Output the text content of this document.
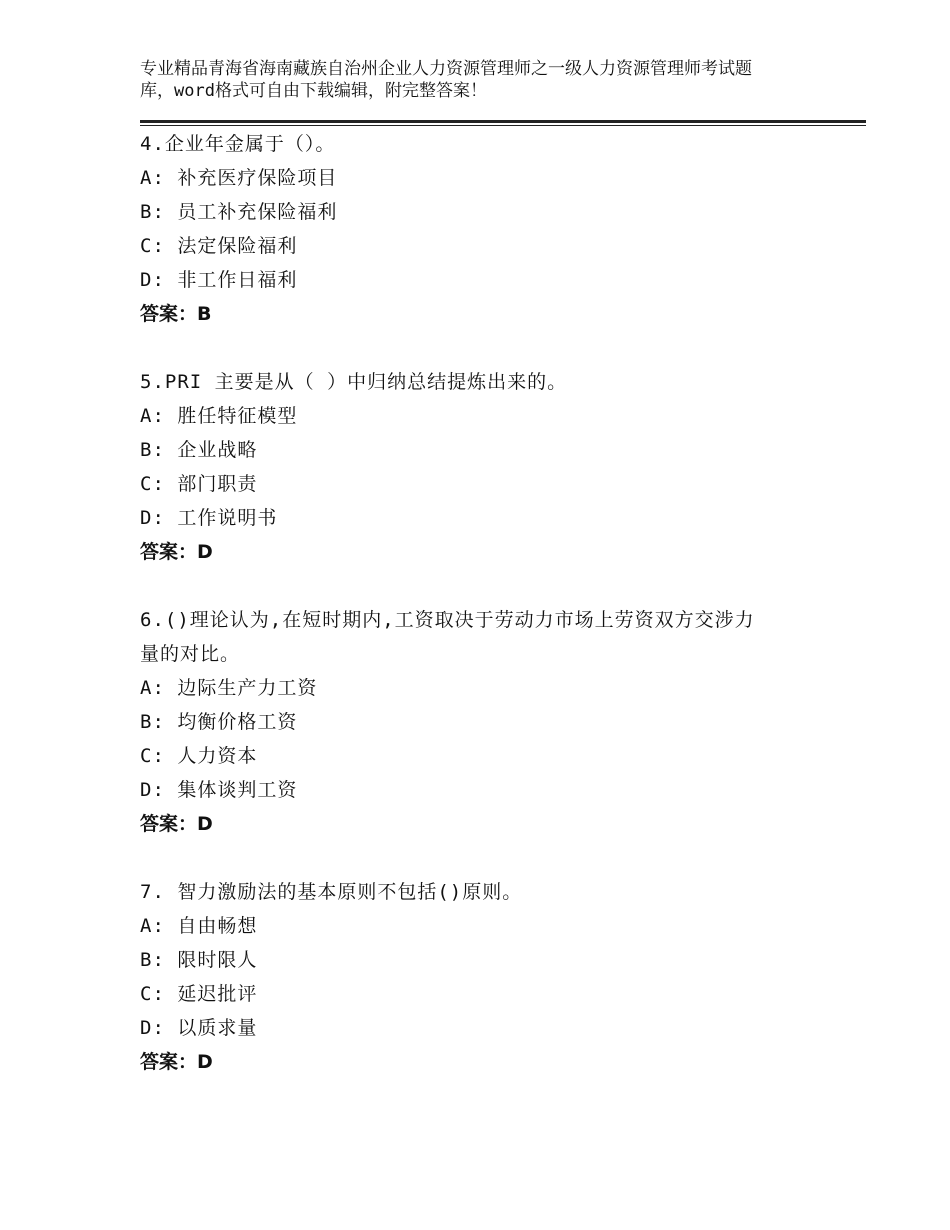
专业精品青海省海南藏族自治州企业人力资源管理师之一级人力资源管理师考试题
库，word格式可自由下载编辑，附完整答案！
4.企业年金属于（）。
A: 补充医疗保险项目
B: 员工补充保险福利
C: 法定保险福利
D: 非工作日福利
答案：B
5.PRI 主要是从（ ）中归纳总结提炼出来的。
A: 胜任特征模型
B: 企业战略
C: 部门职责
D: 工作说明书
答案：D
6.()理论认为,在短时期内,工资取决于劳动力市场上劳资双方交涉力
量的对比。
A: 边际生产力工资
B: 均衡价格工资
C: 人力资本
D: 集体谈判工资
答案：D
7. 智力激励法的基本原则不包括()原则。
A: 自由畅想
B: 限时限人
C: 延迟批评
D: 以质求量
答案：D
